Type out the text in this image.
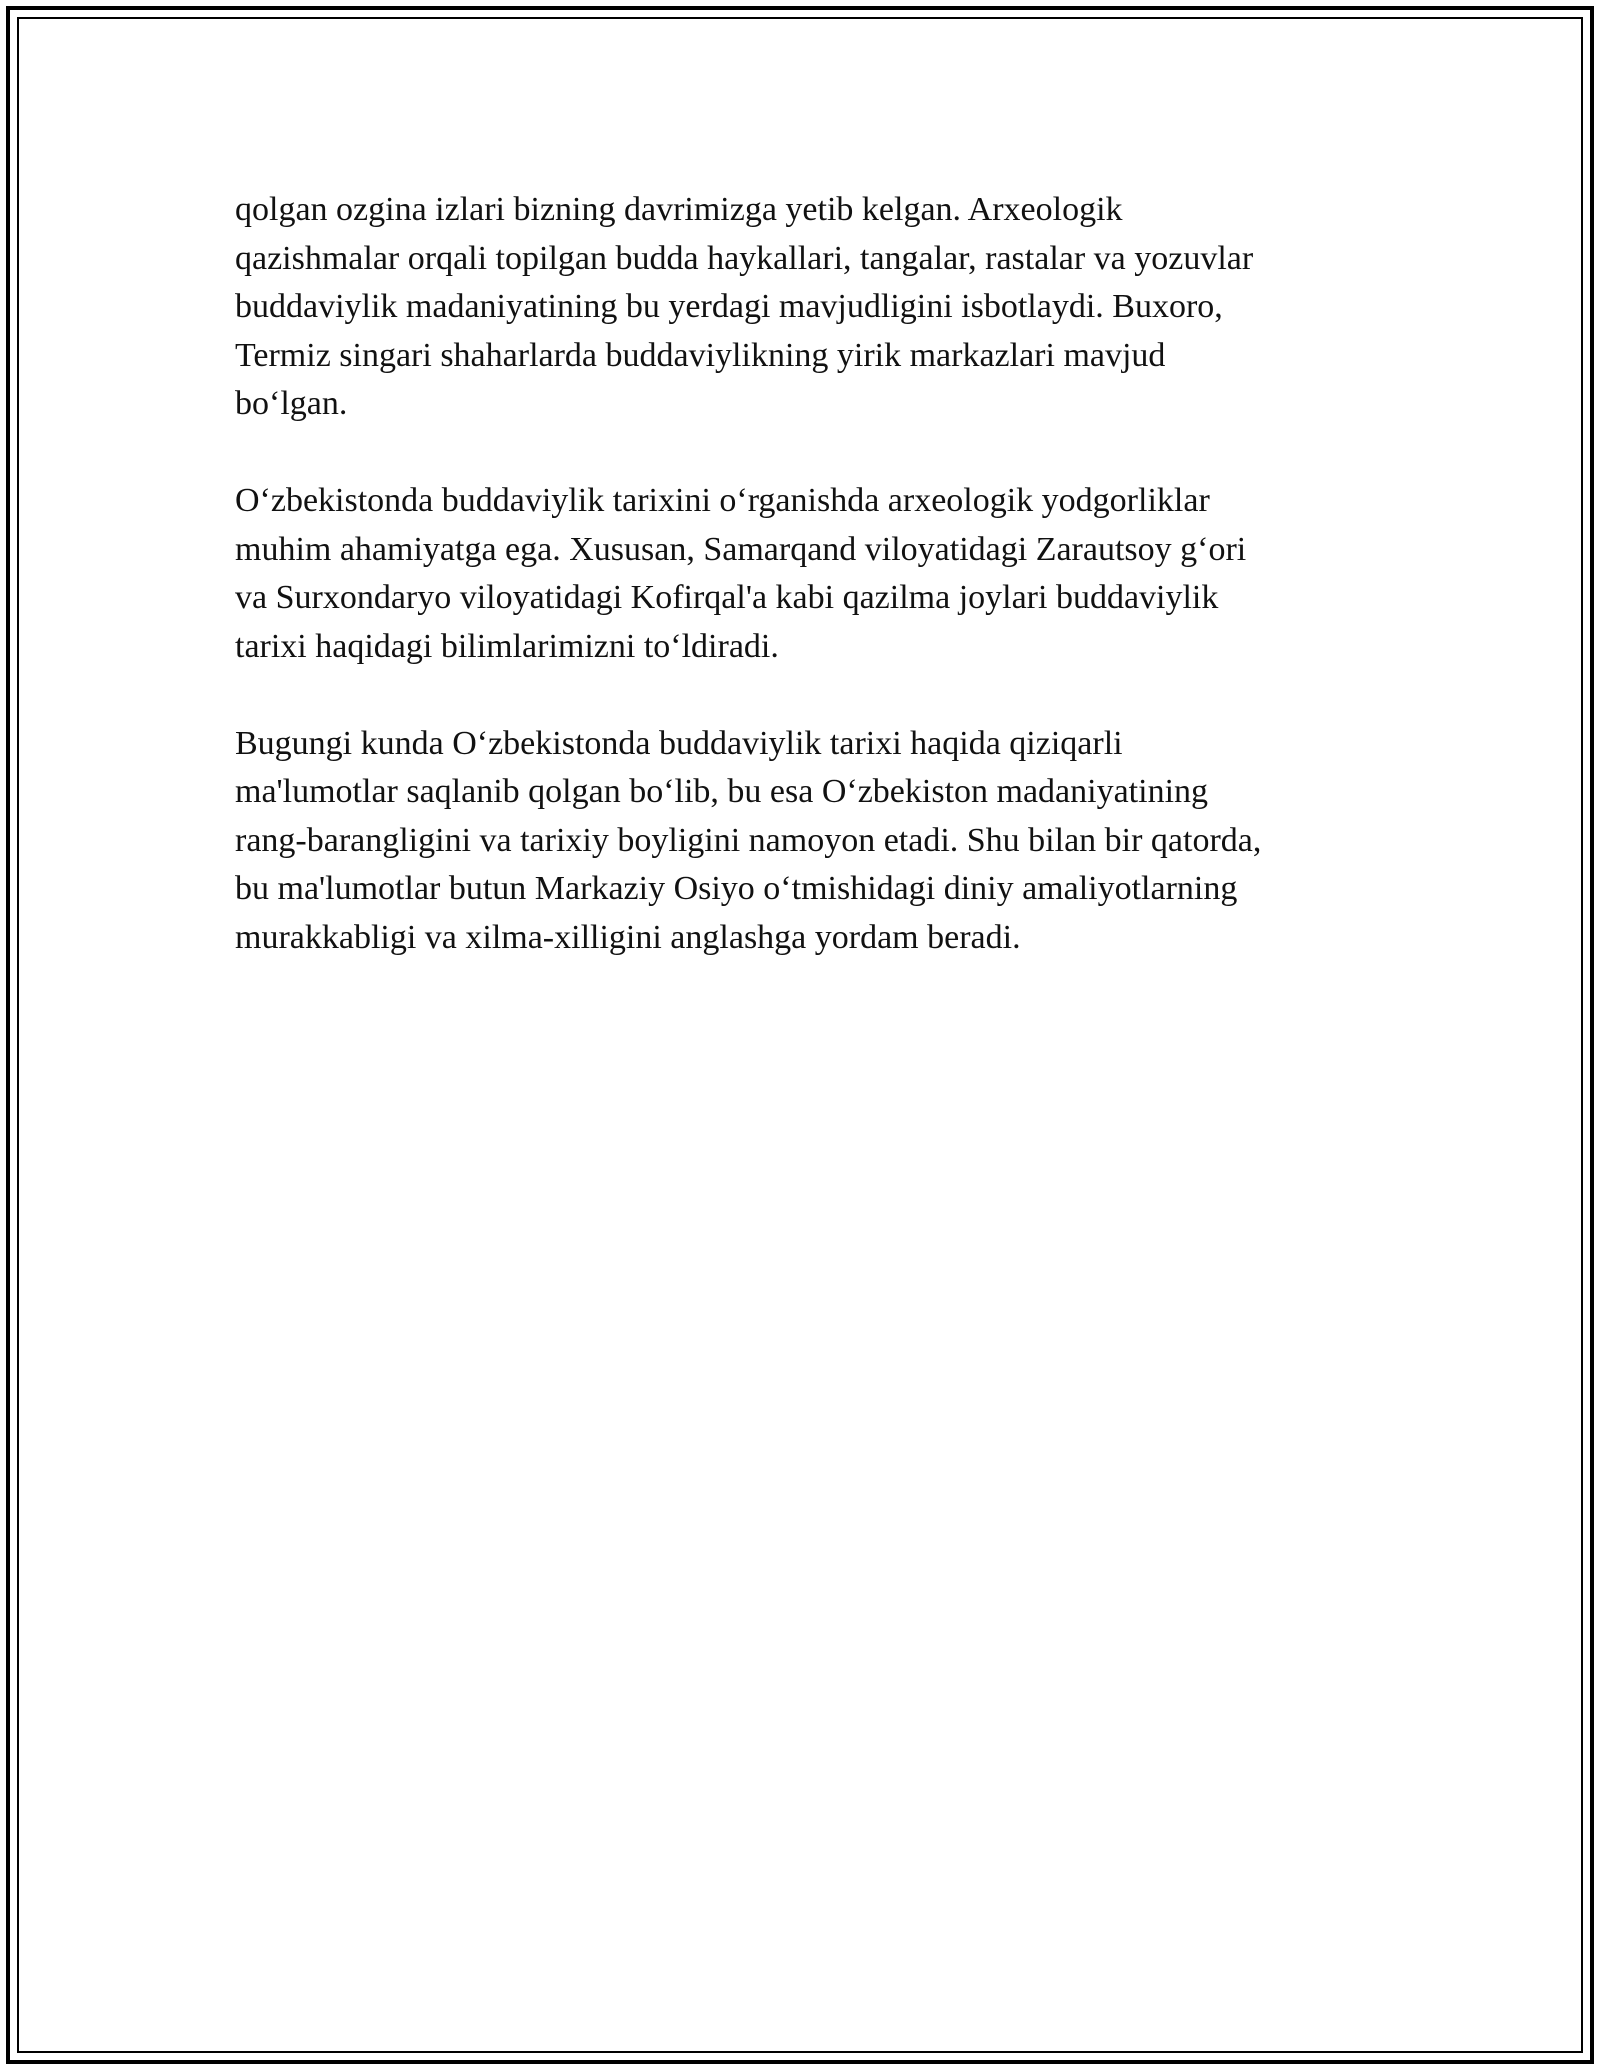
qolgan ozgina izlari bizning davrimizga yetib kelgan. Arxeologik
qazishmalar orqali topilgan budda haykallari, tangalar, rastalar va yozuvlar
buddaviylik madaniyatining bu yerdagi mavjudligini isbotlaydi. Buxoro,
Termiz singari shaharlarda buddaviylikning yirik markazlari mavjud
bo‘lgan.

O‘zbekistonda buddaviylik tarixini o‘rganishda arxeologik yodgorliklar
muhim ahamiyatga ega. Xususan, Samarqand viloyatidagi Zarautsoy g‘ori
va Surxondaryo viloyatidagi Kofirqal'a kabi qazilma joylari buddaviylik
tarixi haqidagi bilimlarimizni to‘ldiradi.

Bugungi kunda O‘zbekistonda buddaviylik tarixi haqida qiziqarli
ma'lumotlar saqlanib qolgan bo‘lib, bu esa O‘zbekiston madaniyatining
rang-barangligini va tarixiy boyligini namoyon etadi. Shu bilan bir qatorda,
bu ma'lumotlar butun Markaziy Osiyo o‘tmishidagi diniy amaliyotlarning
murakkabligi va xilma-xilligini anglashga yordam beradi.
